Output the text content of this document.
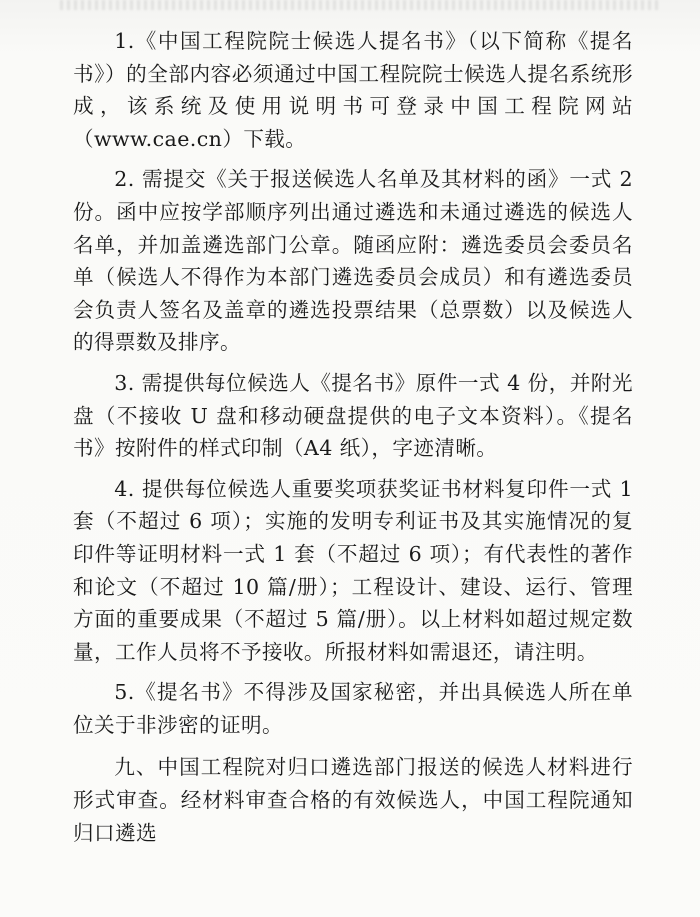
1.《中国工程院院士候选人提名书》（以下简称《提名书》）的全部内容必须通过中国工程院院士候选人提名系统形成，该系统及使用说明书可登录中国工程院网站（www.cae.cn）下载。

2. 需提交《关于报送候选人名单及其材料的函》一式 2 份。函中应按学部顺序列出通过遴选和未通过遴选的候选人名单，并加盖遴选部门公章。随函应附：遴选委员会委员名单（候选人不得作为本部门遴选委员会成员）和有遴选委员会负责人签名及盖章的遴选投票结果（总票数）以及候选人的得票数及排序。

3. 需提供每位候选人《提名书》原件一式 4 份，并附光盘（不接收 U 盘和移动硬盘提供的电子文本资料）。《提名书》按附件的样式印制（A4 纸），字迹清晰。

4. 提供每位候选人重要奖项获奖证书材料复印件一式 1 套（不超过 6 项）；实施的发明专利证书及其实施情况的复印件等证明材料一式 1 套（不超过 6 项）；有代表性的著作和论文（不超过 10 篇/册）；工程设计、建设、运行、管理方面的重要成果（不超过 5 篇/册）。以上材料如超过规定数量，工作人员将不予接收。所报材料如需退还，请注明。

5.《提名书》不得涉及国家秘密，并出具候选人所在单位关于非涉密的证明。

九、中国工程院对归口遴选部门报送的候选人材料进行形式审查。经材料审查合格的有效候选人，中国工程院通知归口遴选
